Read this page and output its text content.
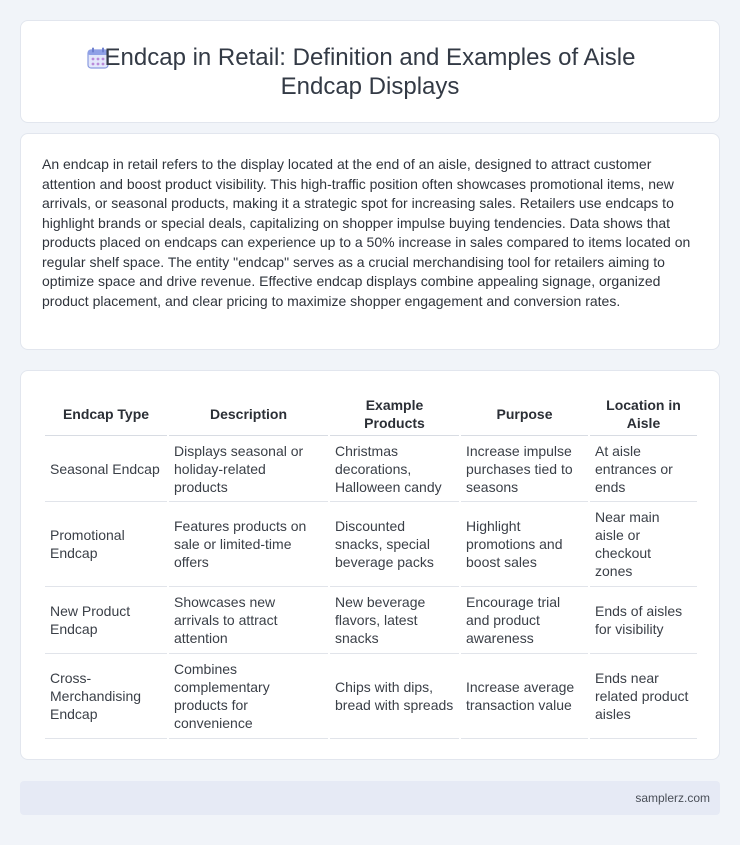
Endcap in Retail: Definition and Examples of Aisle Endcap Displays

An endcap in retail refers to the display located at the end of an aisle, designed to attract customer attention and boost product visibility. This high-traffic position often showcases promotional items, new arrivals, or seasonal products, making it a strategic spot for increasing sales. Retailers use endcaps to highlight brands or special deals, capitalizing on shopper impulse buying tendencies. Data shows that products placed on endcaps can experience up to a 50% increase in sales compared to items located on regular shelf space. The entity "endcap" serves as a crucial merchandising tool for retailers aiming to optimize space and drive revenue. Effective endcap displays combine appealing signage, organized product placement, and clear pricing to maximize shopper engagement and conversion rates.

Endcap Type	Description	Example Products	Purpose	Location in Aisle
Seasonal Endcap	Displays seasonal or holiday-related products	Christmas decorations, Halloween candy	Increase impulse purchases tied to seasons	At aisle entrances or ends
Promotional Endcap	Features products on sale or limited-time offers	Discounted snacks, special beverage packs	Highlight promotions and boost sales	Near main aisle or checkout zones
New Product Endcap	Showcases new arrivals to attract attention	New beverage flavors, latest snacks	Encourage trial and product awareness	Ends of aisles for visibility
Cross-Merchandising Endcap	Combines complementary products for convenience	Chips with dips, bread with spreads	Increase average transaction value	Ends near related product aisles
samplerz.com
